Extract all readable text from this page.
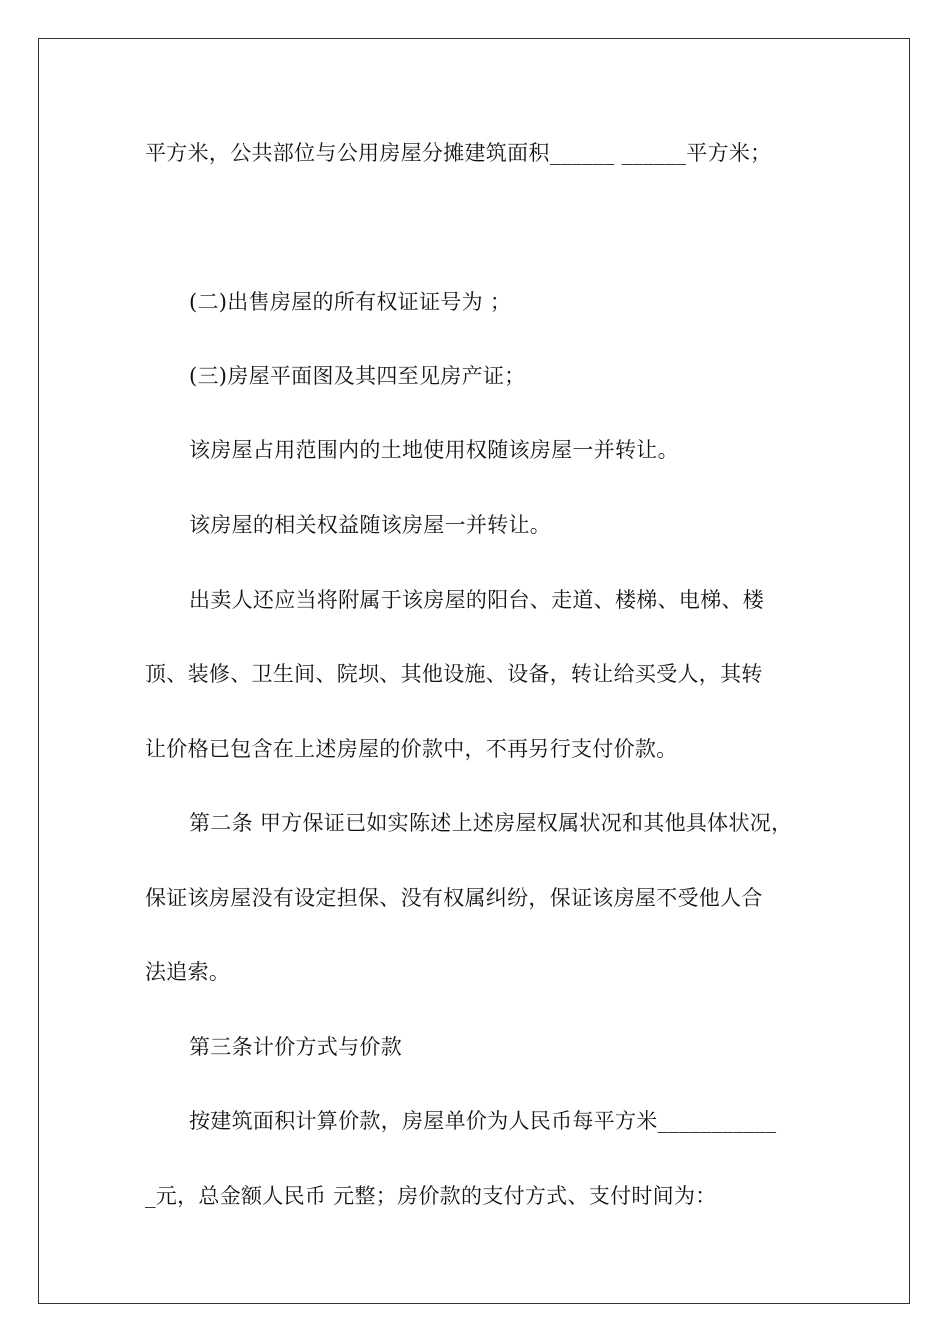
平方米，公共部位与公用房屋分摊建筑面积______ ______平方米；
(二)出售房屋的所有权证证号为 ；
(三)房屋平面图及其四至见房产证；
该房屋占用范围内的土地使用权随该房屋一并转让。
该房屋的相关权益随该房屋一并转让。
出卖人还应当将附属于该房屋的阳台、走道、楼梯、电梯、楼
顶、装修、卫生间、院坝、其他设施、设备，转让给买受人，其转
让价格已包含在上述房屋的价款中，不再另行支付价款。
第二条 甲方保证已如实陈述上述房屋权属状况和其他具体状况，
保证该房屋没有设定担保、没有权属纠纷，保证该房屋不受他人合
法追索。
第三条计价方式与价款
按建筑面积计算价款，房屋单价为人民币每平方米___________
_元，总金额人民币 元整；房价款的支付方式、支付时间为：
